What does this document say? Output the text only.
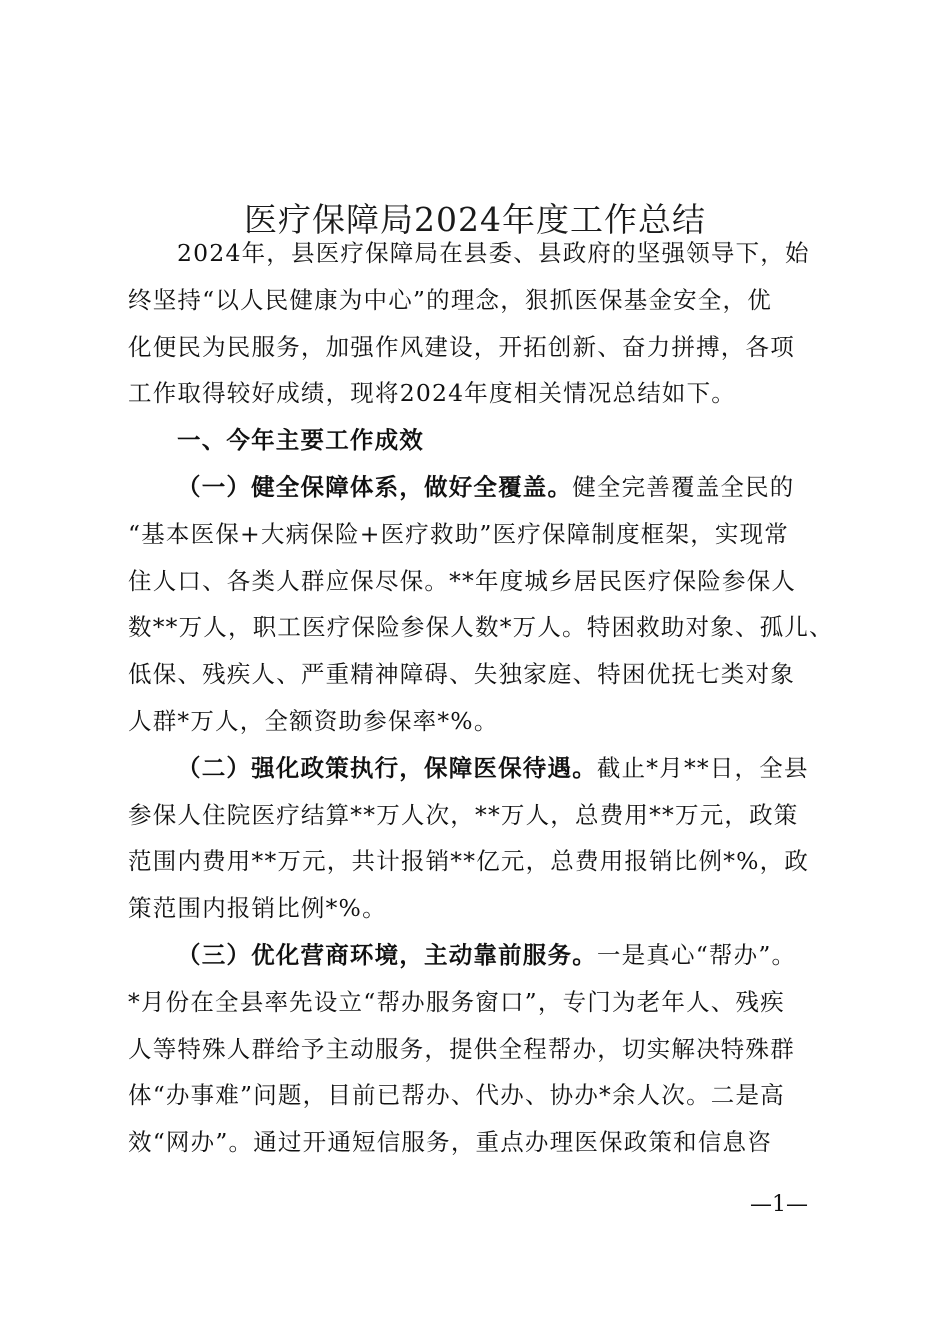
医疗保障局2024年度工作总结
2024年，县医疗保障局在县委、县政府的坚强领导下，始
终坚持“以人民健康为中心”的理念，狠抓医保基金安全，优
化便民为民服务，加强作风建设，开拓创新、奋力拼搏，各项
工作取得较好成绩，现将2024年度相关情况总结如下。
一、今年主要工作成效
（一）健全保障体系，做好全覆盖。健全完善覆盖全民的
“基本医保+大病保险+医疗救助”医疗保障制度框架，实现常
住人口、各类人群应保尽保。**年度城乡居民医疗保险参保人
数**万人，职工医疗保险参保人数*万人。特困救助对象、孤儿、
低保、残疾人、严重精神障碍、失独家庭、特困优抚七类对象
人群*万人，全额资助参保率*%。
（二）强化政策执行，保障医保待遇。截止*月**日，全县
参保人住院医疗结算**万人次，**万人，总费用**万元，政策
范围内费用**万元，共计报销**亿元，总费用报销比例*%，政
策范围内报销比例*%。
（三）优化营商环境，主动靠前服务。一是真心“帮办”。
*月份在全县率先设立“帮办服务窗口”，专门为老年人、残疾
人等特殊人群给予主动服务，提供全程帮办，切实解决特殊群
体“办事难”问题，目前已帮办、代办、协办*余人次。二是高
效“网办”。通过开通短信服务，重点办理医保政策和信息咨
—1—
